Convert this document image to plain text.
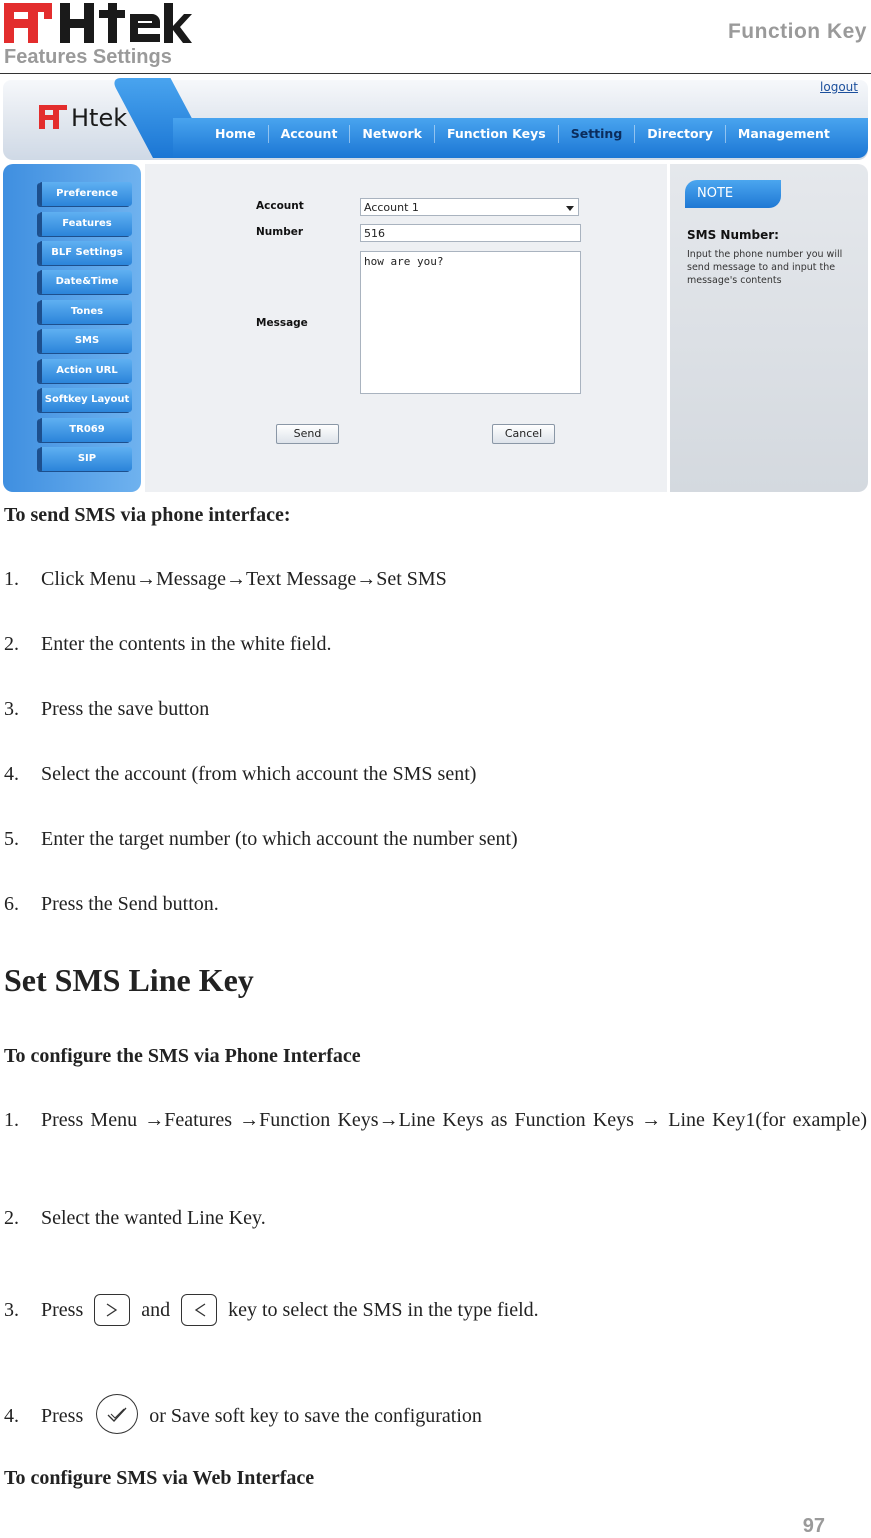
Function Key
Features Settings
logout
Htek
Home	Account	Network	Function Keys	Setting	Directory	Management
Preference
Features
BLF Settings
Date&Time
Tones
SMS
Action URL
Softkey Layout
TR069
SIP
Account	Account 1
Number	516
Message
how are you?
Send	Cancel
NOTE
SMS Number:
Input the phone number you will send message to and input the message's contents
To send SMS via phone interface:
1. Click Menu→Message→Text Message→Set SMS
2. Enter the contents in the white field.
3. Press the save button
4. Select the account (from which account the SMS sent)
5. Enter the target number (to which account the number sent)
6. Press the Send button.
Set SMS Line Key
To configure the SMS via Phone Interface
1. Press Menu →Features →Function Keys→Line Keys as Function Keys → Line Key1(for example)
2. Select the wanted Line Key.
3. Press	and	key to select the SMS in the type field.
4. Press	or Save soft key to save the configuration
To configure SMS via Web Interface
97
